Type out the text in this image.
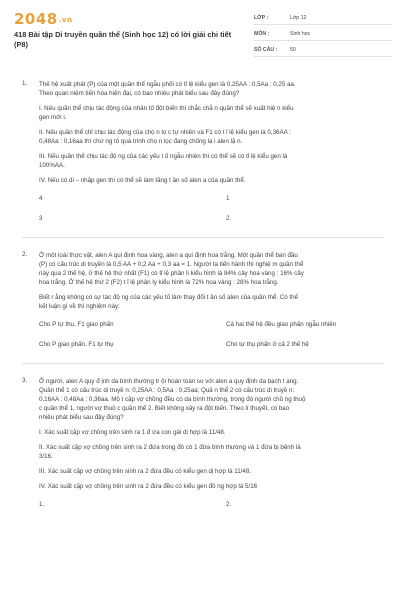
2048.vn
418 Bài tập Di truyền quần thể (Sinh học 12) có lời giải chi tiết (P8)
LỚP :	Lớp 12
MÔN :	Sinh học
SỐ CÂU :	50
1. Thế hệ xuất phát (P) của một quần thể ngẫu phối có tỉ lệ kiểu gen là 0,25AA : 0,5Aa : 0,25 aa.
Theo quan niệm tiến hóa hiện đại, có bao nhiêu phát biểu sau đây đúng?
I. Nếu quần thể chịu tác động của nhân tố đột biến thì chắc chắ n quần thể sẽ xuất hiệ n kiểu
gen mới i.
II. Nếu quần thể chỉ chịu tác động của chọ n lọ c tự nhiên và F1 có t ỉ lệ kiểu gen là 0,36AA :
0,48Aa : 0,16aa thì chứ ng tỏ quá trình chọ n lọc đang chống lạ i alen lặ n.
III. Nếu quần thể chịu tác độ ng của các yếu t ố ngẫu nhiên thì có thể sẽ có tỉ lệ kiểu gen là
100%AA.
IV. Nếu có di – nhập gen thì có thể sẽ làm tăng t ần số alen a của quần thể.
4	1
3	2.
2. Ở một loài thực vật, alen A qui định hoa vàng, alen a qui định hoa trắng. Một quần thể ban đầu
(P) có cấu trúc di truyền là 0,5 AA + 0,2 Aa + 0,3 aa = 1. Người ta tiến hành thí nghiệ m quần thể
này qua 2 thế hệ, ở thế hệ thứ nhất (F1) có tỉ lệ phân li kiểu hình là 84% cây hoa vàng : 16% cây
hoa trắng. Ở thế hệ thứ 2 (F2) t ỉ lệ phân ly kiểu hình là 72% hoa vàng : 28% hoa trắng.
Biết r ằng không có sự tác độ ng của các yếu tố làm thay đổi t ần số alen của quần thể. Có thể
kết luận gì về thí nghiệm này:
Cho P tự thụ, F1 giao phấn	Cả hai thế hệ đều giao phấn ngẫu nhiên
Cho P giao phấn, F1 tự thụ	Cho tự thụ phấn ở cả 2 thế hệ
3. Ở người, alen A quy đ ịnh da bình thường tr ội hoàn toàn so với alen a quy định da bạch t ạng.
Quần thể 1 có cấu trúc di truyề n: 0,25AA : 0,5Aa : 0,25aa; Quầ n thể 2 có cấu trúc di truyề n:
0,16AA : 0,48Aa : 0,36aa. Mộ t cặp vợ chồng đều có da bình thường, trong đó người chồ ng thuộ
c quần thể 1, người vợ thuộ c quần thể 2. Biết không xảy ra đột biến. Theo lí thuyết, có bao
nhiêu phát biểu sau đây đúng?
I. Xác suất cặp vợ chồng trên sinh ra 1 đ ứa con gái dị hợp là 11/48.
II. Xác suất cặp vợ chồng trên sinh ra 2 đứa trong đó có 1 đứa bình thường và 1 đứa bị bệnh là
3/16.
III. Xác suất cặp vợ chồng trên sinh ra 2 đứa đều có kiểu gen dị hợp là 11/48.
IV. Xác suất cặp vợ chồng trên sinh ra 2 đứa đều có kiểu gen đồ ng hợp là 5/16
1.	2.
